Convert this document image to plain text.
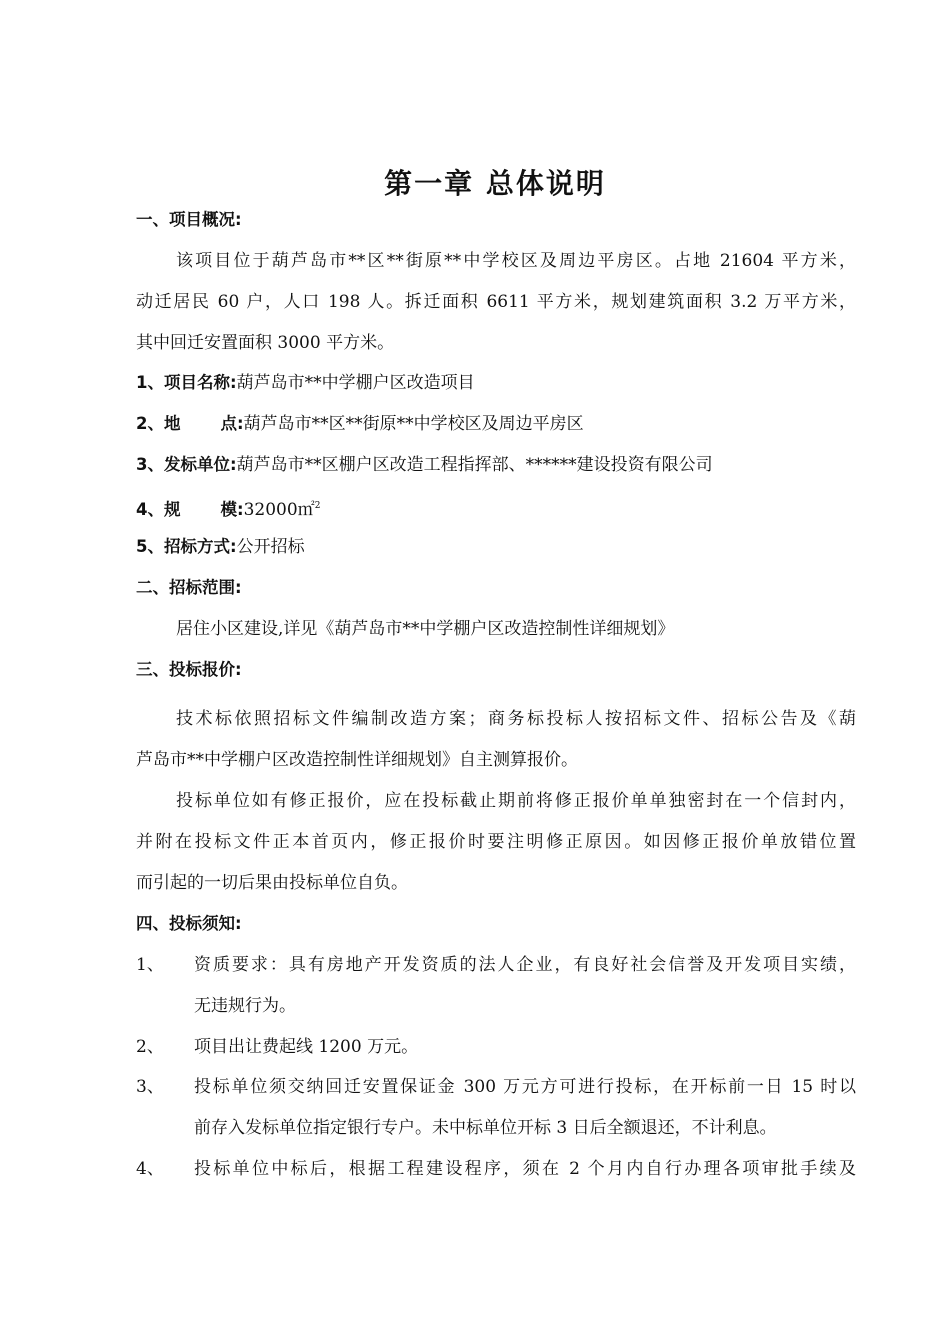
第一章 总体说明
一、项目概况:
该项目位于葫芦岛市**区**街原**中学校区及周边平房区。占地 21604 平方米，
动迁居民 60 户，人口 198 人。拆迁面积 6611 平方米，规划建筑面积 3.2 万平方米，
其中回迁安置面积 3000 平方米。
1、项目名称:葫芦岛市**中学棚户区改造项目
2、地 点:葫芦岛市**区**街原**中学校区及周边平房区
3、发标单位:葫芦岛市**区棚户区改造工程指挥部、******建设投资有限公司
4、规 模:32000㎡$^2$
5、招标方式:公开招标
二、招标范围:
居住小区建设,详见《葫芦岛市**中学棚户区改造控制性详细规划》
三、投标报价:
技术标依照招标文件编制改造方案；商务标投标人按招标文件、招标公告及《葫
芦岛市**中学棚户区改造控制性详细规划》自主测算报价。
投标单位如有修正报价，应在投标截止期前将修正报价单单独密封在一个信封内，
并附在投标文件正本首页内，修正报价时要注明修正原因。如因修正报价单放错位置
而引起的一切后果由投标单位自负。
四、投标须知:
1、 资质要求：具有房地产开发资质的法人企业，有良好社会信誉及开发项目实绩，
无违规行为。
2、 项目出让费起线 1200 万元。
3、 投标单位须交纳回迁安置保证金 300 万元方可进行投标，在开标前一日 15 时以
前存入发标单位指定银行专户。未中标单位开标 3 日后全额退还，不计利息。
4、 投标单位中标后，根据工程建设程序，须在 2 个月内自行办理各项审批手续及
